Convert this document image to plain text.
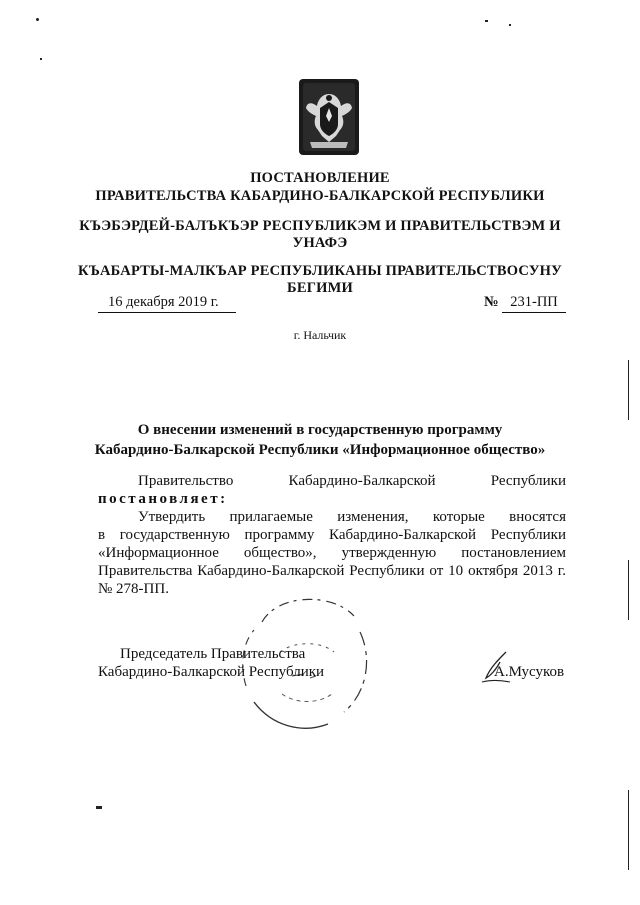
ПОСТАНОВЛЕНИЕ
ПРАВИТЕЛЬСТВА КАБАРДИНО-БАЛКАРСКОЙ РЕСПУБЛИКИ
КЪЭБЭРДЕЙ-БАЛЪКЪЭР РЕСПУБЛИКЭМ И ПРАВИТЕЛЬСТВЭМ И
УНАФЭ
КЪАБАРТЫ-МАЛКЪАР РЕСПУБЛИКАНЫ ПРАВИТЕЛЬСТВОСУНУ
БЕГИМИ
16 декабря 2019 г.	№ 231-ПП
г. Нальчик
О внесении изменений в государственную программу
Кабардино-Балкарской Республики «Информационное общество»
Правительство Кабардино-Балкарской Республики
постановляет:
Утвердить прилагаемые изменения, которые вносятся
в государственную программу Кабардино-Балкарской Республики «Информационное общество», утвержденную постановлением Правительства Кабардино-Балкарской Республики от 10 октября 2013 г. № 278-ПП.
Председатель Правительства
Кабардино-Балкарской Республики	А.Мусуков
